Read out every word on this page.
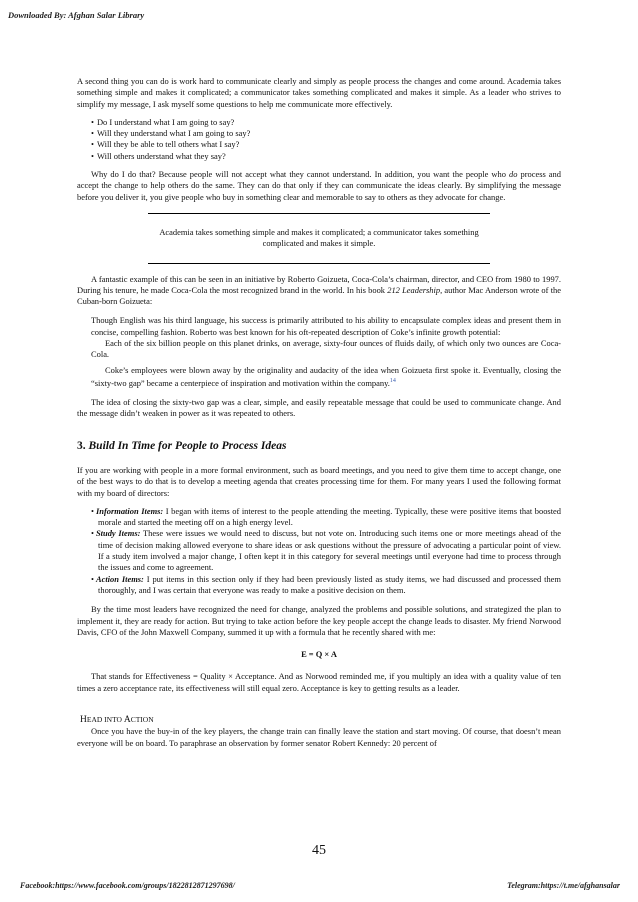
Downloaded By: Afghan Salar Library

A second thing you can do is work hard to communicate clearly and simply as people process the changes and come around. Academia takes something simple and makes it complicated; a communicator takes something complicated and makes it simple. As a leader who strives to simplify my message, I ask myself some questions to help me communicate more effectively.

• Do I understand what I am going to say?
• Will they understand what I am going to say?
• Will they be able to tell others what I say?
• Will others understand what they say?

Why do I do that? Because people will not accept what they cannot understand. In addition, you want the people who do process and accept the change to help others do the same. They can do that only if they can communicate the ideas clearly. By simplifying the message before you deliver it, you give people who buy in something clear and memorable to say to others as they advocate for change.

Academia takes something simple and makes it complicated; a communicator takes something complicated and makes it simple.

A fantastic example of this can be seen in an initiative by Roberto Goizueta, Coca-Cola’s chairman, director, and CEO from 1980 to 1997. During his tenure, he made Coca-Cola the most recognized brand in the world. In his book 212 Leadership, author Mac Anderson wrote of the Cuban-born Goizueta:

Though English was his third language, his success is primarily attributed to his ability to encapsulate complex ideas and present them in concise, compelling fashion. Roberto was best known for his oft-repeated description of Coke’s infinite growth potential:

Each of the six billion people on this planet drinks, on average, sixty-four ounces of fluids daily, of which only two ounces are Coca-Cola.

Coke’s employees were blown away by the originality and audacity of the idea when Goizueta first spoke it. Eventually, closing the “sixty-two gap” became a centerpiece of inspiration and motivation within the company.$^{14}$

The idea of closing the sixty-two gap was a clear, simple, and easily repeatable message that could be used to communicate change. And the message didn’t weaken in power as it was repeated to others.

3. Build In Time for People to Process Ideas

If you are working with people in a more formal environment, such as board meetings, and you need to give them time to accept change, one of the best ways to do that is to develop a meeting agenda that creates processing time for them. For many years I used the following format with my board of directors:

• Information Items: I began with items of interest to the people attending the meeting. Typically, these were positive items that boosted morale and started the meeting off on a high energy level.
• Study Items: These were issues we would need to discuss, but not vote on. Introducing such items one or more meetings ahead of the time of decision making allowed everyone to share ideas or ask questions without the pressure of advocating a particular point of view. If a study item involved a major change, I often kept it in this category for several meetings until everyone had time to process through the issues and come to agreement.
• Action Items: I put items in this section only if they had been previously listed as study items, we had discussed and processed them thoroughly, and I was certain that everyone was ready to make a positive decision on them.

By the time most leaders have recognized the need for change, analyzed the problems and possible solutions, and strategized the plan to implement it, they are ready for action. But trying to take action before the key people accept the change leads to disaster. My friend Norwood Davis, CFO of the John Maxwell Company, summed it up with a formula that he recently shared with me:

E = Q × A

That stands for Effectiveness = Quality × Acceptance. And as Norwood reminded me, if you multiply an idea with a quality value of ten times a zero acceptance rate, its effectiveness will still equal zero. Acceptance is key to getting results as a leader.

HEAD INTO ACTION

Once you have the buy-in of the key players, the change train can finally leave the station and start moving. Of course, that doesn’t mean everyone will be on board. To paraphrase an observation by former senator Robert Kennedy: 20 percent of

45
Facebook:https://www.facebook.com/groups/1822812871297698/	Telegram:https://t.me/afghansalar
